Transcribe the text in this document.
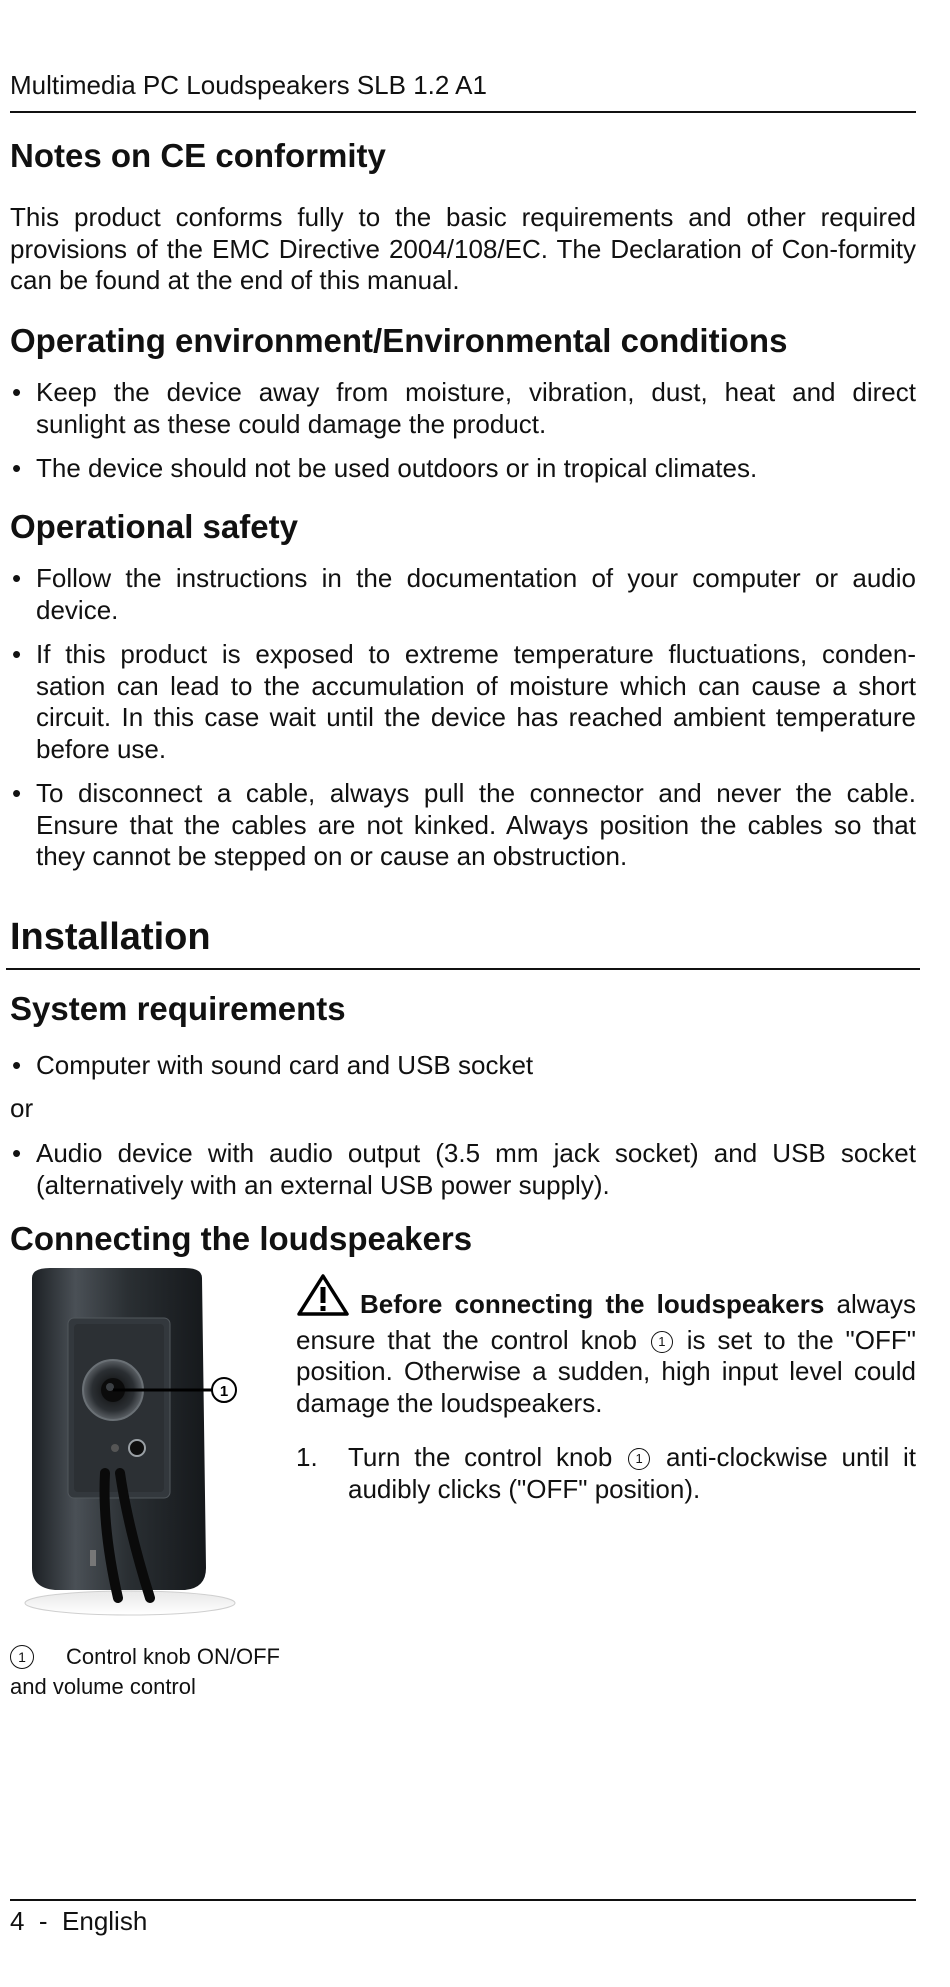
Multimedia PC Loudspeakers SLB 1.2 A1
Notes on CE conformity

This product conforms fully to the basic requirements and other required provisions of the EMC Directive 2004/108/EC. The Declaration of Con-formity can be found at the end of this manual.

Operating environment/Environmental conditions
• Keep the device away from moisture, vibration, dust, heat and direct sunlight as these could damage the product.
• The device should not be used outdoors or in tropical climates.
Operational safety
• Follow the instructions in the documentation of your computer or audio device.
• If this product is exposed to extreme temperature fluctuations, conden-sation can lead to the accumulation of moisture which can cause a short circuit. In this case wait until the device has reached ambient temperature before use.
• To disconnect a cable, always pull the connector and never the cable. Ensure that the cables are not kinked. Always position the cables so that they cannot be stepped on or cause an obstruction.
Installation
System requirements
• Computer with sound card and USB socket
or
• Audio device with audio output (3.5 mm jack socket) and USB socket (alternatively with an external USB power supply).
Connecting the loudspeakers
1
Before connecting the loudspeakers always ensure that the control knob 1 is set to the "OFF" position. Otherwise a sudden, high input level could damage the loudspeakers.
1. Turn the control knob 1 anti-clockwise until it audibly clicks ("OFF" position).
1 Control knob ON/OFF and volume control
4  -  English
